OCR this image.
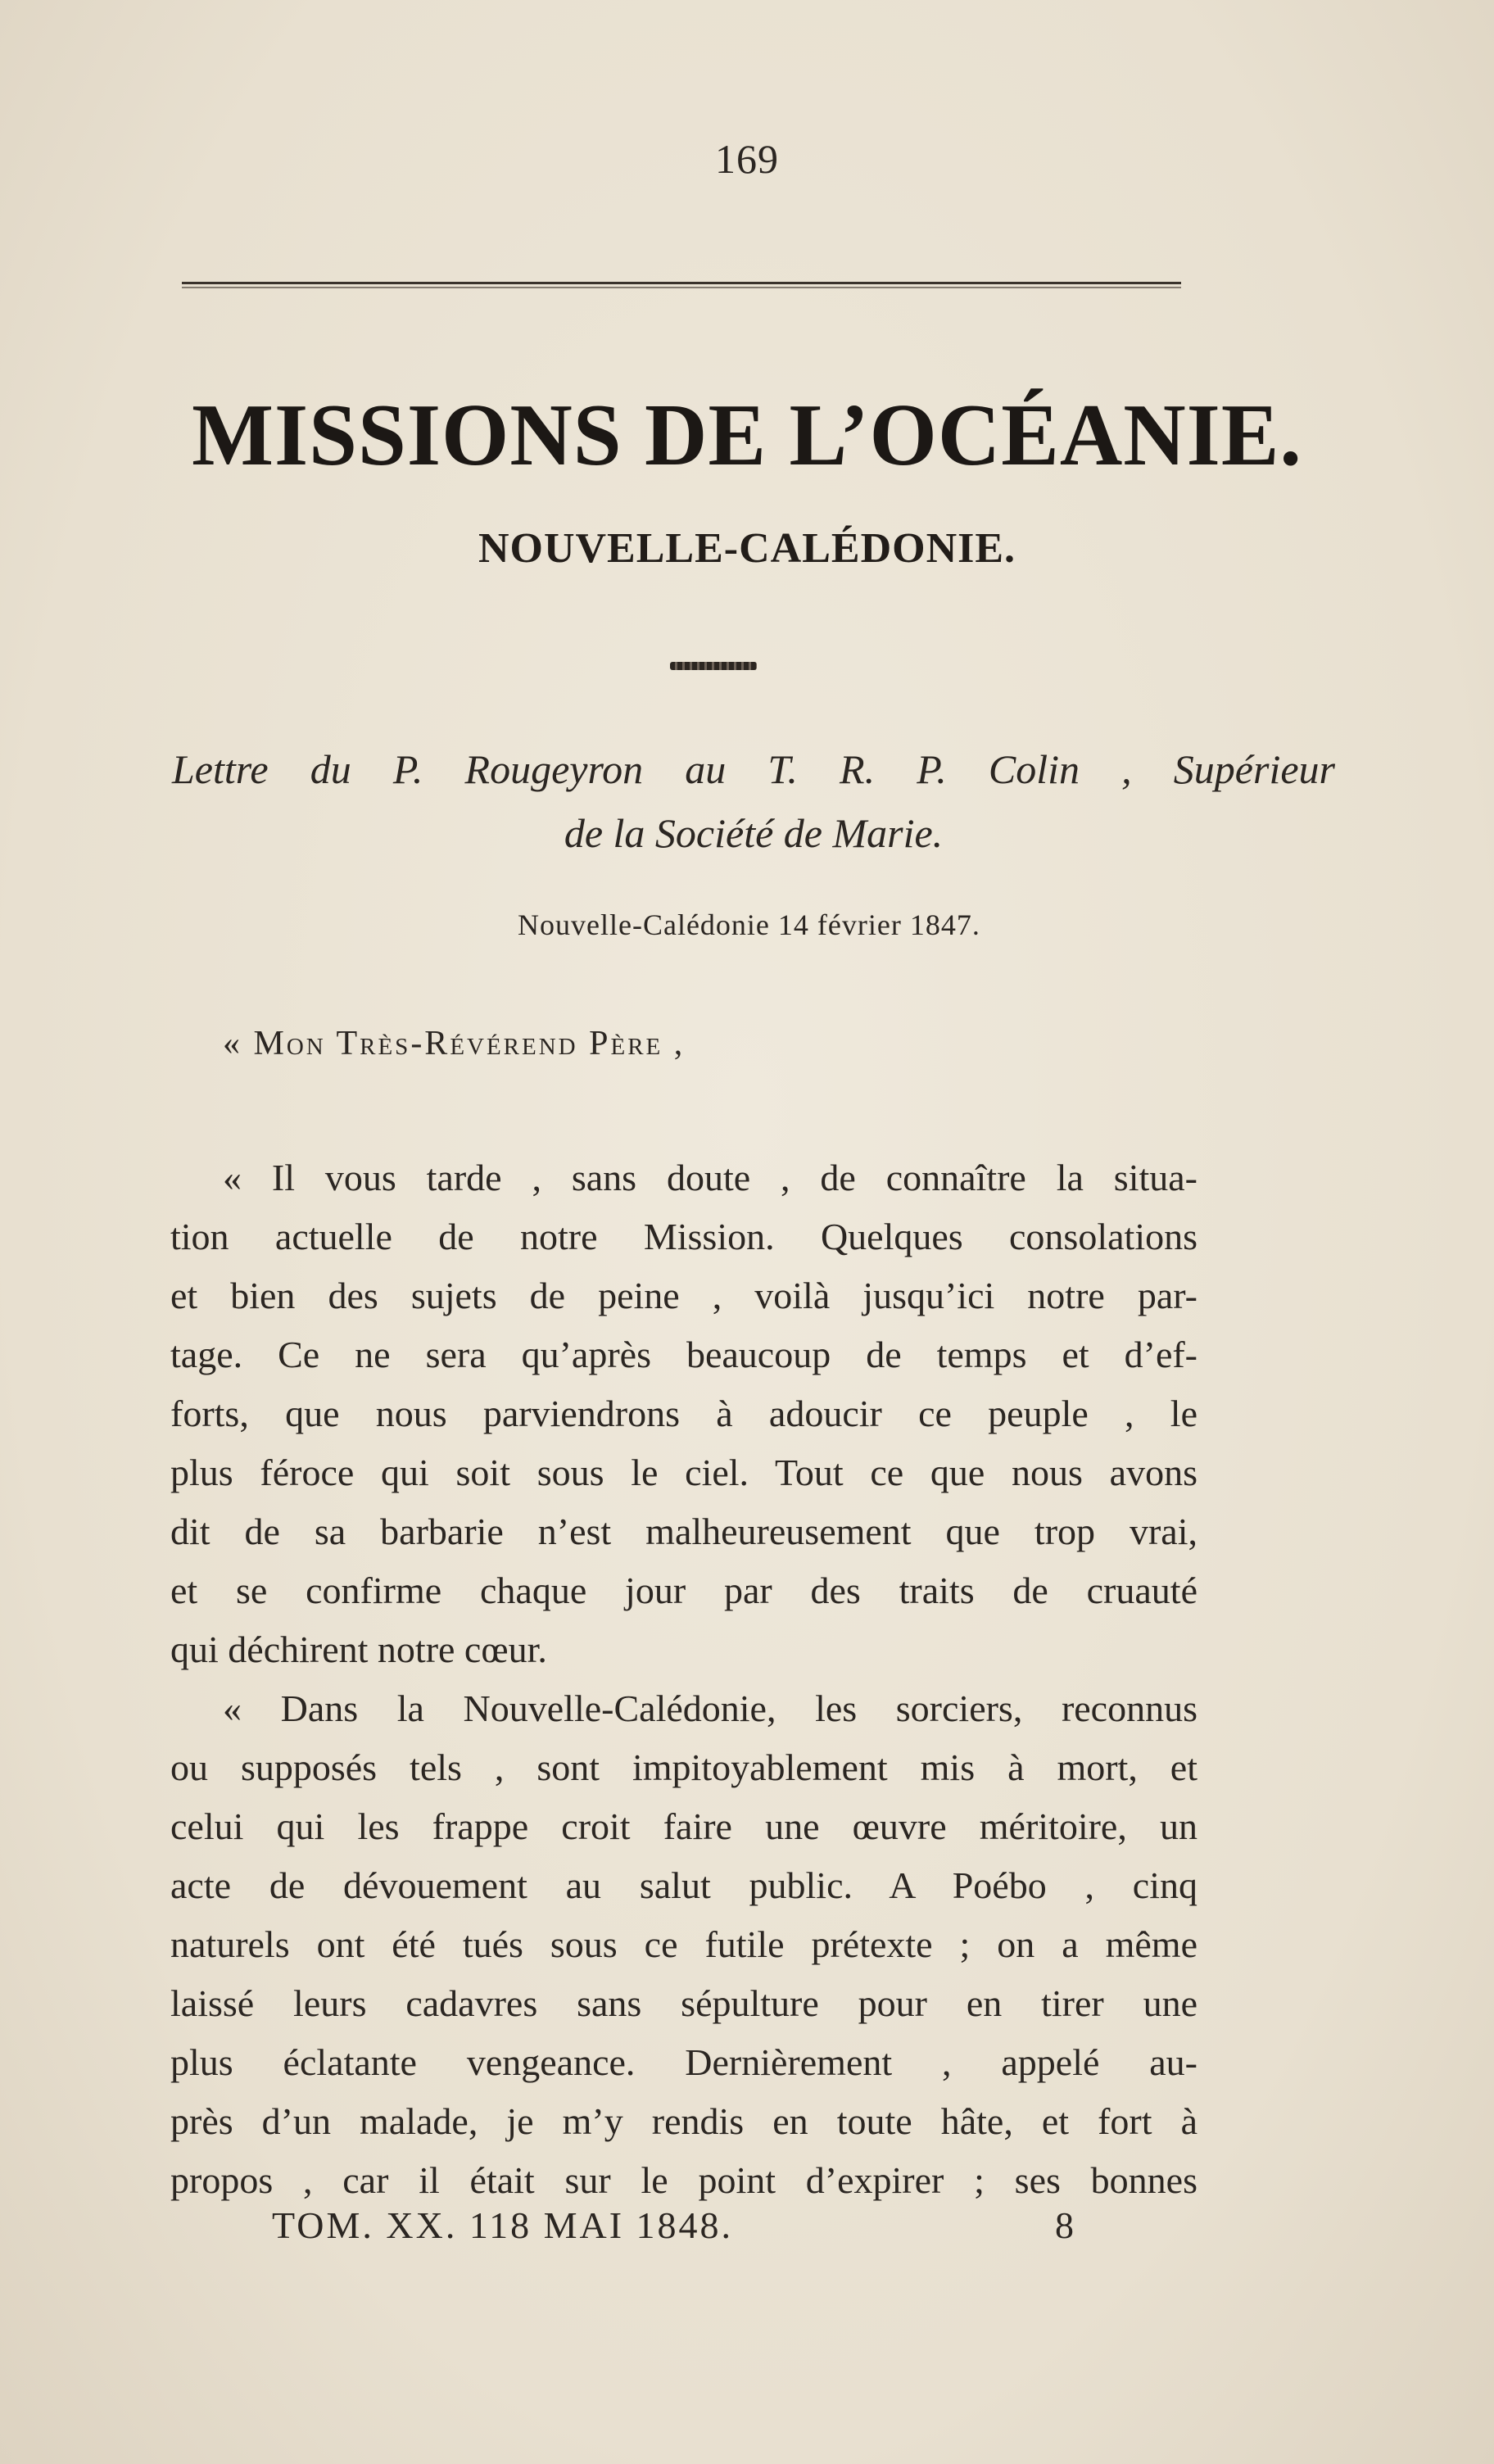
169
MISSIONS DE L’OCÉANIE.
NOUVELLE-CALÉDONIE.
Lettre du P. Rougeyron au T. R. P. Colin , Supérieur
de la Société de Marie.
Nouvelle-Calédonie 14 février 1847.
« Mon Très-Révérend Père ,
« Il vous tarde , sans doute , de connaître la situa-
tion actuelle de notre Mission. Quelques consolations
et bien des sujets de peine , voilà jusqu’ici notre par-
tage. Ce ne sera qu’après beaucoup de temps et d’ef-
forts, que nous parviendrons à adoucir ce peuple , le
plus féroce qui soit sous le ciel. Tout ce que nous avons
dit de sa barbarie n’est malheureusement que trop vrai,
et se confirme chaque jour par des traits de cruauté
qui déchirent notre cœur.
« Dans la Nouvelle-Calédonie, les sorciers, reconnus
ou supposés tels , sont impitoyablement mis à mort, et
celui qui les frappe croit faire une œuvre méritoire, un
acte de dévouement au salut public. A Poébo , cinq
naturels ont été tués sous ce futile prétexte ; on a même
laissé leurs cadavres sans sépulture pour en tirer une
plus éclatante vengeance. Dernièrement , appelé au-
près d’un malade, je m’y rendis en toute hâte, et fort à
propos , car il était sur le point d’expirer ; ses bonnes
TOM. XX. 118 MAI 1848.	8
